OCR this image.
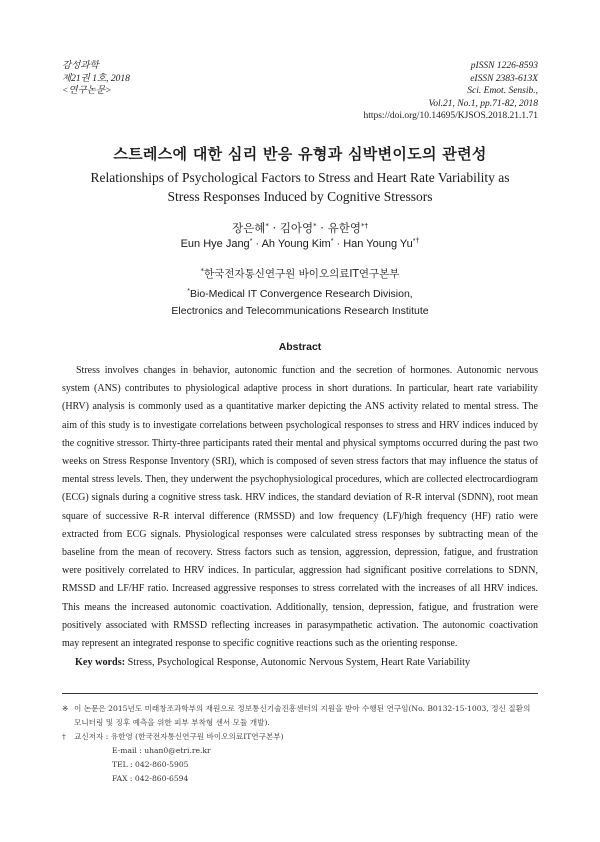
감성과학
제21권 1호, 2018
<연구논문>
pISSN 1226-8593
eISSN 2383-613X
Sci. Emot. Sensib.,
Vol.21, No.1, pp.71-82, 2018
https://doi.org/10.14695/KJSOS.2018.21.1.71
스트레스에 대한 심리 반응 유형과 심박변이도의 관련성
Relationships of Psychological Factors to Stress and Heart Rate Variability as Stress Responses Induced by Cognitive Stressors
장은혜* · 김아영* · 유한영*†
Eun Hye Jang* · Ah Young Kim* · Han Young Yu*†
*한국전자통신연구원 바이오의료IT연구본부
*Bio-Medical IT Convergence Research Division,
Electronics and Telecommunications Research Institute
Abstract

Stress involves changes in behavior, autonomic function and the secretion of hormones. Autonomic nervous system (ANS) contributes to physiological adaptive process in short durations. In particular, heart rate variability (HRV) analysis is commonly used as a quantitative marker depicting the ANS activity related to mental stress. The aim of this study is to investigate correlations between psychological responses to stress and HRV indices induced by the cognitive stressor. Thirty-three participants rated their mental and physical symptoms occurred during the past two weeks on Stress Response Inventory (SRI), which is composed of seven stress factors that may influence the status of mental stress levels. Then, they underwent the psychophysiological procedures, which are collected electrocardiogram (ECG) signals during a cognitive stress task. HRV indices, the standard deviation of R-R interval (SDNN), root mean square of successive R-R interval difference (RMSSD) and low frequency (LF)/high frequency (HF) ratio were extracted from ECG signals. Physiological responses were calculated stress responses by subtracting mean of the baseline from the mean of recovery. Stress factors such as tension, aggression, depression, fatigue, and frustration were positively correlated to HRV indices. In particular, aggression had significant positive correlations to SDNN, RMSSD and LF/HF ratio. Increased aggressive responses to stress correlated with the increases of all HRV indices. This means the increased autonomic coactivation. Additionally, tension, depression, fatigue, and frustration were positively associated with RMSSD reflecting increases in parasympathetic activation. The autonomic coactivation may represent an integrated response to specific cognitive reactions such as the orienting response.

Key words: Stress, Psychological Response, Autonomic Nervous System, Heart Rate Variability
※ 이 논문은 2015년도 미래창조과학부의 재원으로 정보통신기술진흥센터의 지원을 받아 수행된 연구임(No. B0132-15-1003, 정신 질환의 모니터링 및 징후 예측을 위한 피부 부착형 센서 모듈 개발).
†	교신저자 : 유한영 (한국전자통신연구원 바이오의료IT연구본부)
E-mail : uhan0@etri.re.kr
TEL : 042-860-5905
FAX : 042-860-6594
